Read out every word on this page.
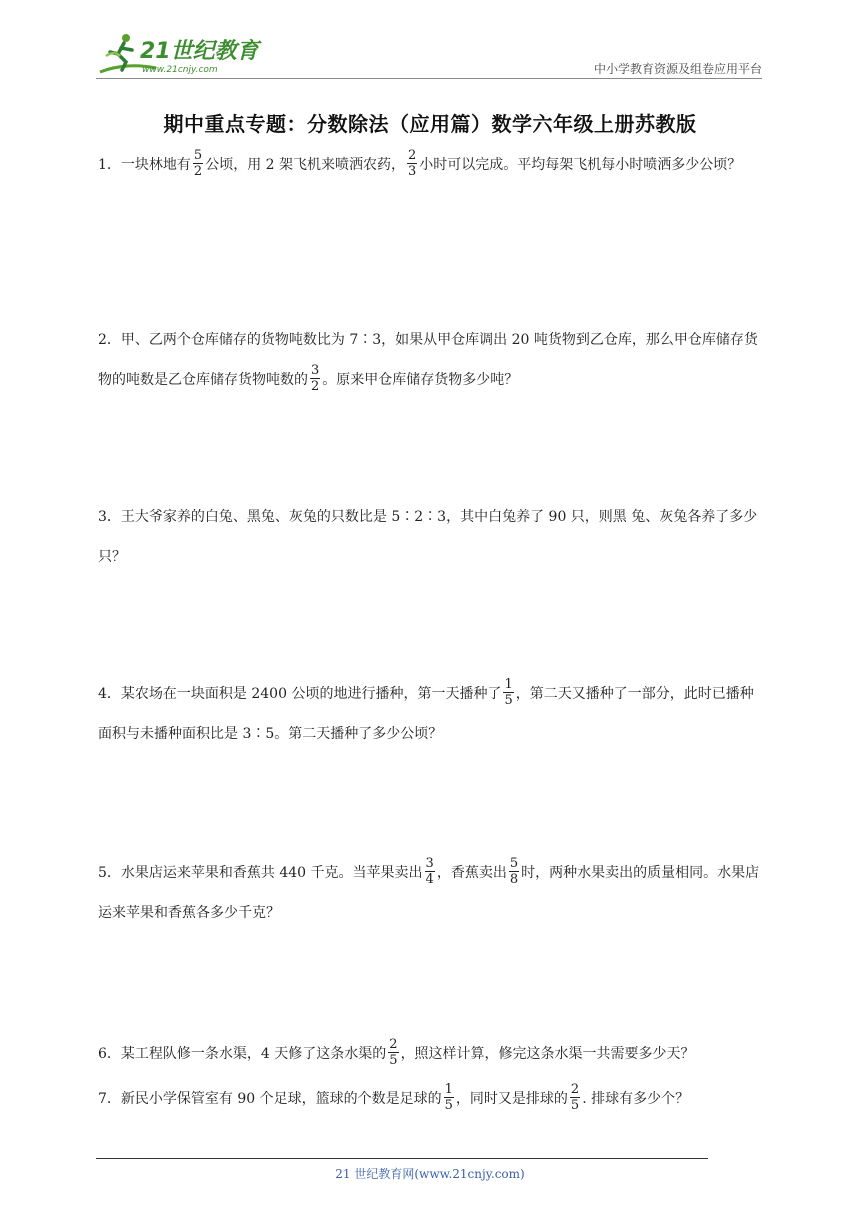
21世纪教育
www.21cnjy.com	中小学教育资源及组卷应用平台
期中重点专题：分数除法（应用篇）数学六年级上册苏教版
1．一块林地有 $\frac{5}{2}$ 公顷，用 2 架飞机来喷洒农药， $\frac{2}{3}$ 小时可以完成。平均每架飞机每小时喷洒多少公顷？
2．甲、乙两个仓库储存的货物吨数比为 7∶3，如果从甲仓库调出 20 吨货物到乙仓库，那么甲仓库储存货物的吨数是乙仓库储存货物吨数的 $\frac{3}{2}$ 。原来甲仓库储存货物多少吨？
3．王大爷家养的白兔、黑兔、灰兔的只数比是 5∶2∶3，其中白兔养了 90 只，则黑 兔、灰兔各养了多少只？
4．某农场在一块面积是 2400 公顷的地进行播种，第一天播种了 $\frac{1}{5}$ ，第二天又播种了一部分，此时已播种面积与未播种面积比是 3∶5。第二天播种了多少公顷？
5．水果店运来苹果和香蕉共 440 千克。当苹果卖出 $\frac{3}{4}$ ，香蕉卖出 $\frac{5}{8}$ 时，两种水果卖出的质量相同。水果店运来苹果和香蕉各多少千克？
6．某工程队修一条水渠，4 天修了这条水渠的 $\frac{2}{5}$ ，照这样计算，修完这条水渠一共需要多少天？
7．新民小学保管室有 90 个足球，篮球的个数是足球的 $\frac{1}{5}$ ，同时又是排球的 $\frac{2}{5}$ . 排球有多少个？
21 世纪教育网(www.21cnjy.com)
